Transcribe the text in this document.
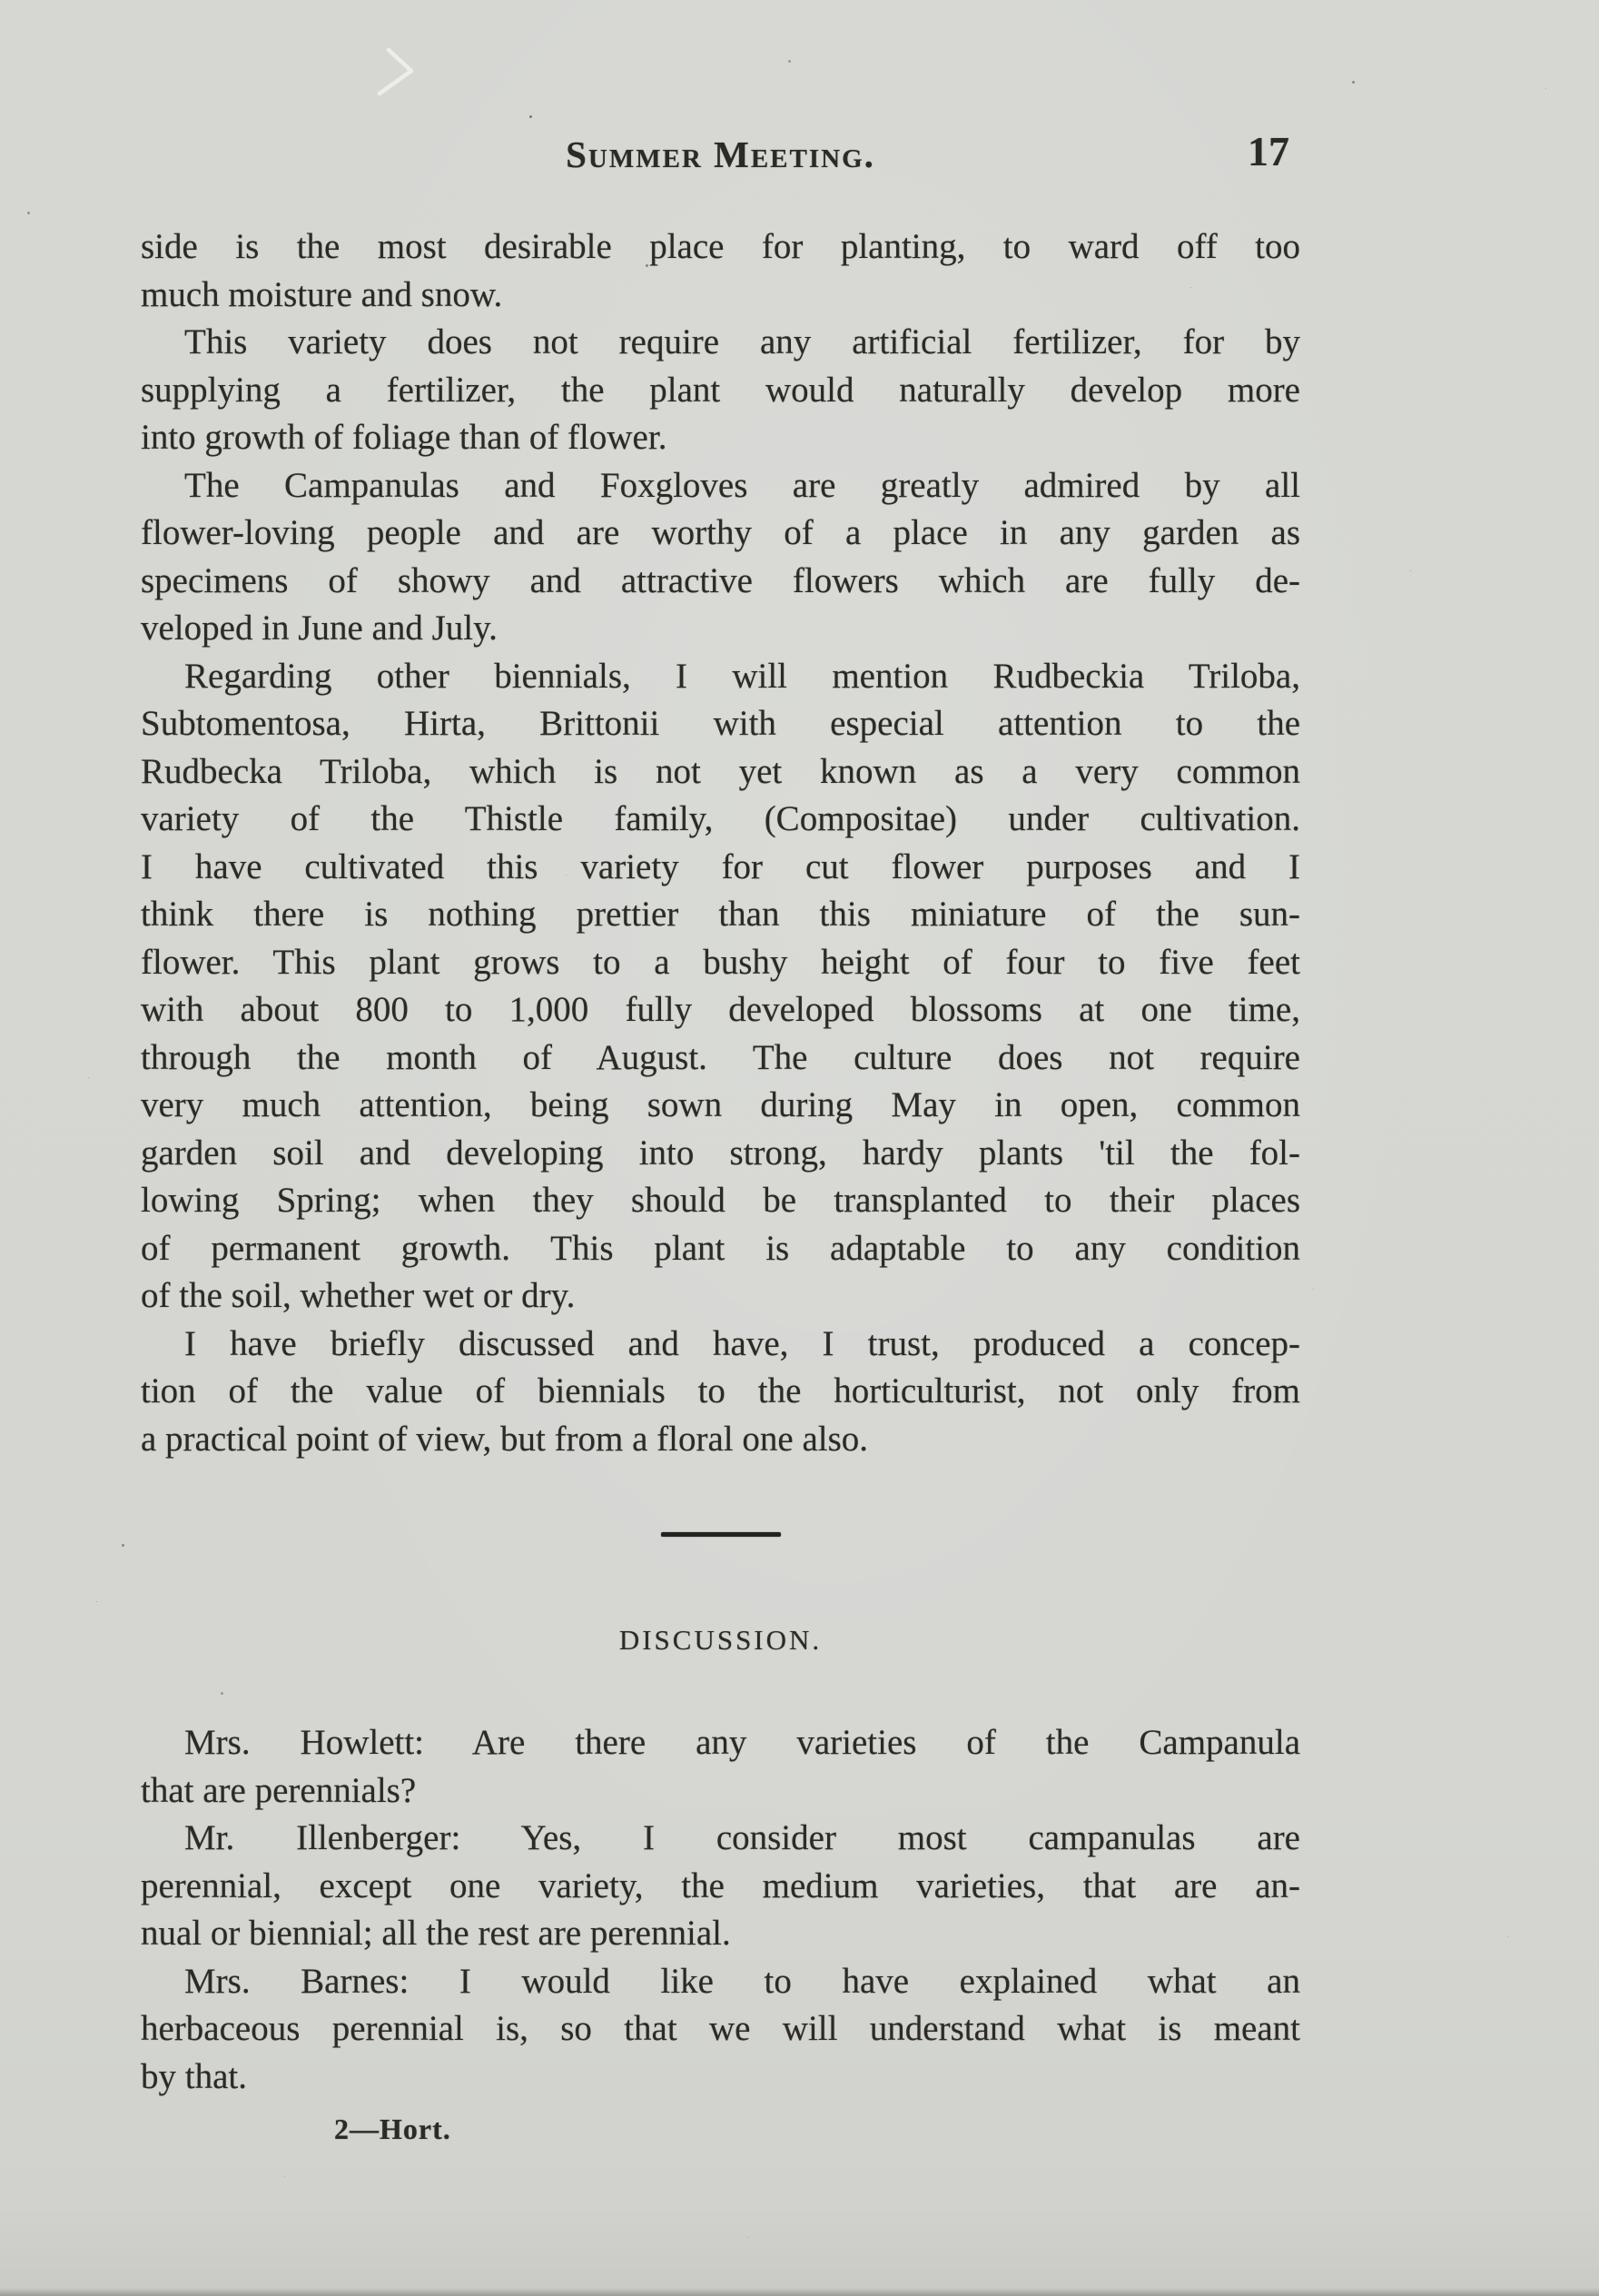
Summer Meeting.	17
side is the most desirable place for planting, to ward off too
much moisture and snow.
This variety does not require any artificial fertilizer, for by
supplying a fertilizer, the plant would naturally develop more
into growth of foliage than of flower.
The Campanulas and Foxgloves are greatly admired by all
flower-loving people and are worthy of a place in any garden as
specimens of showy and attractive flowers which are fully de-
veloped in June and July.
Regarding other biennials, I will mention Rudbeckia Triloba,
Subtomentosa, Hirta, Brittonii with especial attention to the
Rudbecka Triloba, which is not yet known as a very common
variety of the Thistle family, (Compositae) under cultivation.
I have cultivated this variety for cut flower purposes and I
think there is nothing prettier than this miniature of the sun-
flower. This plant grows to a bushy height of four to five feet
with about 800 to 1,000 fully developed blossoms at one time,
through the month of August. The culture does not require
very much attention, being sown during May in open, common
garden soil and developing into strong, hardy plants 'til the fol-
lowing Spring; when they should be transplanted to their places
of permanent growth. This plant is adaptable to any condition
of the soil, whether wet or dry.
I have briefly discussed and have, I trust, produced a concep-
tion of the value of biennials to the horticulturist, not only from
a practical point of view, but from a floral one also.
DISCUSSION.
Mrs. Howlett: Are there any varieties of the Campanula
that are perennials?
Mr. Illenberger: Yes, I consider most campanulas are
perennial, except one variety, the medium varieties, that are an-
nual or biennial; all the rest are perennial.
Mrs. Barnes: I would like to have explained what an
herbaceous perennial is, so that we will understand what is meant
by that.
2—Hort.
